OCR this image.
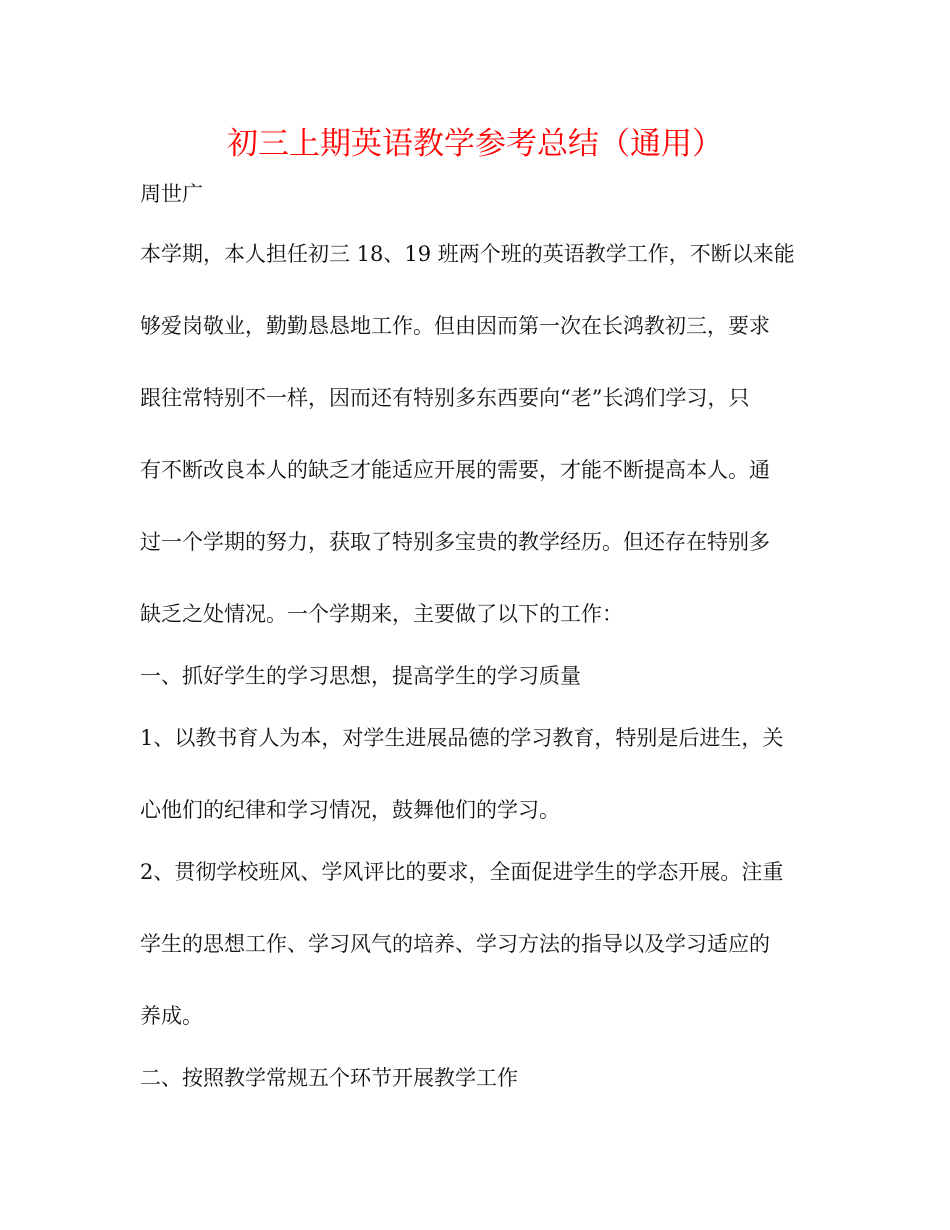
初三上期英语教学参考总结（通用）
周世广
本学期，本人担任初三 18、19 班两个班的英语教学工作，不断以来能
够爱岗敬业，勤勤恳恳地工作。但由因而第一次在长鸿教初三，要求
跟往常特别不一样，因而还有特别多东西要向“老”长鸿们学习，只
有不断改良本人的缺乏才能适应开展的需要，才能不断提高本人。通
过一个学期的努力，获取了特别多宝贵的教学经历。但还存在特别多
缺乏之处情况。一个学期来，主要做了以下的工作：
一、抓好学生的学习思想，提高学生的学习质量
1、以教书育人为本，对学生进展品德的学习教育，特别是后进生，关
心他们的纪律和学习情况，鼓舞他们的学习。
2、贯彻学校班风、学风评比的要求，全面促进学生的学态开展。注重
学生的思想工作、学习风气的培养、学习方法的指导以及学习适应的
养成。
二、按照教学常规五个环节开展教学工作
